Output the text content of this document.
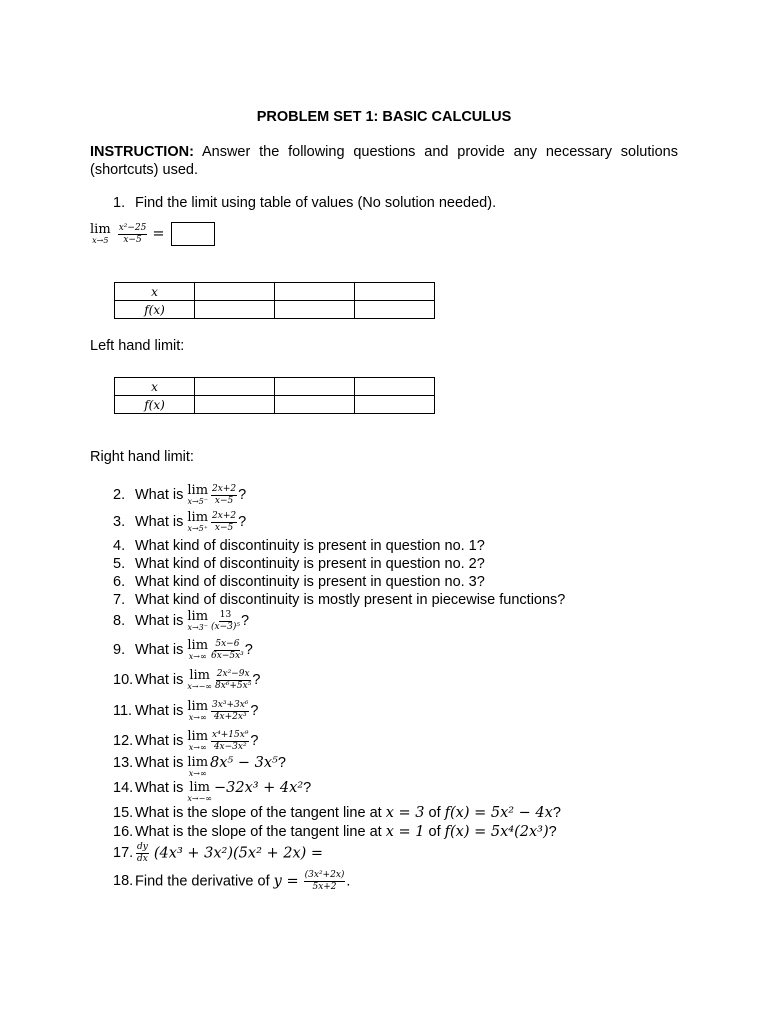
PROBLEM SET 1: BASIC CALCULUS
INSTRUCTION: Answer the following questions and provide any necessary solutions (shortcuts) used.
1. Find the limit using table of values (No solution needed).
lim
x→5
$\frac{\text{x²−25}}{x-5}$ =
x			
f(x)			
Left hand limit:
x			
f(x)			
Right hand limit:
2. What is lim
$x\to 5^- \frac{2x+2}{x-5}$ ?
3. What is lim
$x\to 5^+ \frac{2x+2}{x-5}$ ?
4. What kind of discontinuity is present in question no. 1?
5. What kind of discontinuity is present in question no. 2?
6. What kind of discontinuity is present in question no. 3?
7. What kind of discontinuity is mostly present in piecewise functions?
8. What is lim
$x\to 3^- \frac{13}{\text{(x−3)⁵}}$ ?
9. What is lim
$x\to\infty \frac{5x-6}{\text{6x−5x³}}$ ?
10. What is lim
$x\to-\infty \frac{\text{2x²−9x}}{\text{8x⁶+5x⁵}}$ ?
11. What is lim
$x\to\infty \frac{\text{3x³+3x⁶}}{\text{4x+2x³}}$ ?
12. What is lim
$x\to\infty \frac{\text{x⁴+15x⁹}}{\text{4x−3x²}}$ ?
13. What is lim
x→∞
8x⁵ − 3x⁵?
14. What is lim
x→−∞
−32x³ + 4x²?
15. What is the slope of the tangent line at x = 3 of f(x) = 5x² − 4x?
16. What is the slope of the tangent line at x = 1 of f(x) = 5x⁴(2x³)?
17. $\frac{dy}{dx} (4x^3 + 3x^2)(5x^2 + 2x)$ =
18. Find the derivative of $y = \frac{\text{(3x²+2x)}}{5x+2}$ .
